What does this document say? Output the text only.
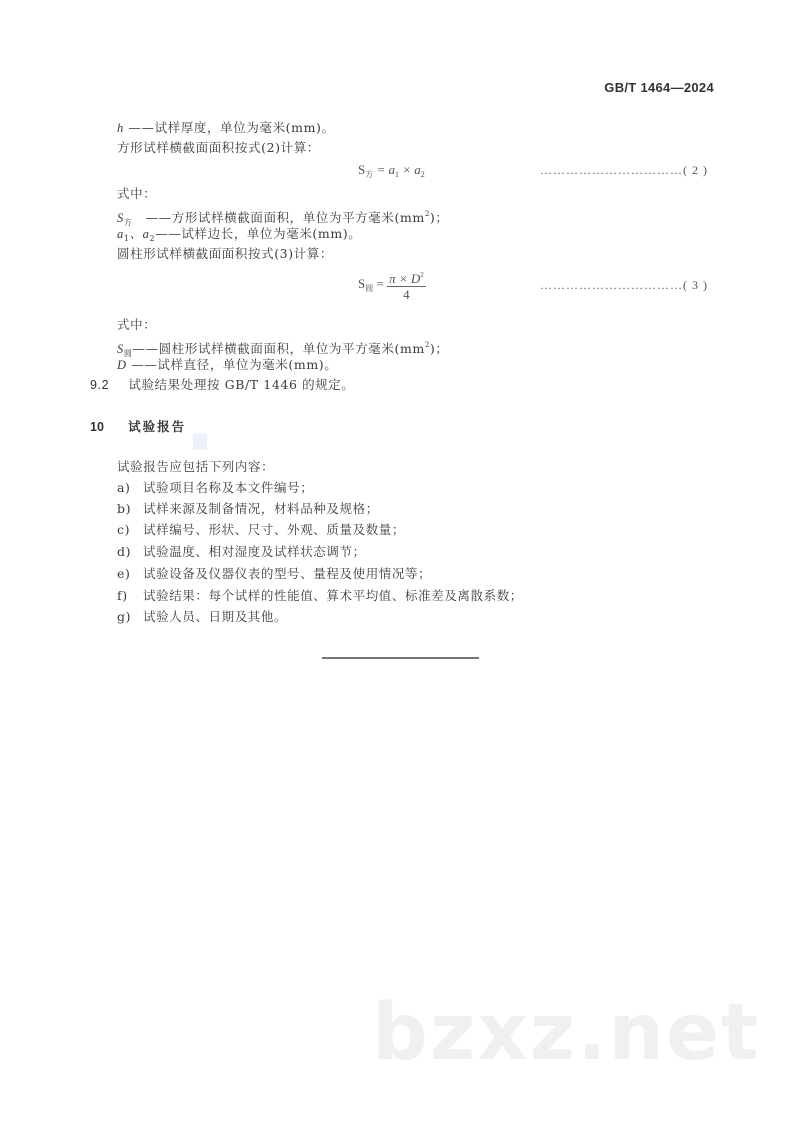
GB/T 1464—2024
h ——试样厚度，单位为毫米(mm)。
方形试样横截面面积按式(2)计算：
$S_方 = a_1 \times a_2$	……………………………( 2 )
式中：
$S_方$　——方形试样横截面面积，单位为平方毫米$(mm^2)$；
$a_1$、$a_2——$试样边长，单位为毫米(mm)。
圆柱形试样横截面面积按式(3)计算：
$S_圆 = \frac{\pi \times D^2}{4}$	……………………………( 3 )
式中：
$S_圆——$圆柱形试样横截面面积，单位为平方毫米$(mm^2)$；
D ——试样直径，单位为毫米(mm)。
9.2 试验结果处理按 GB/T 1446 的规定。
10 试验报告
试验报告应包括下列内容：
a) 试验项目名称及本文件编号；
b) 试样来源及制备情况，材料品种及规格；
c) 试样编号、形状、尺寸、外观、质量及数量；
d) 试验温度、相对湿度及试样状态调节；
e) 试验设备及仪器仪表的型号、量程及使用情况等；
f) 试验结果：每个试样的性能值、算术平均值、标准差及离散系数；
g) 试验人员、日期及其他。
bzxz.net
